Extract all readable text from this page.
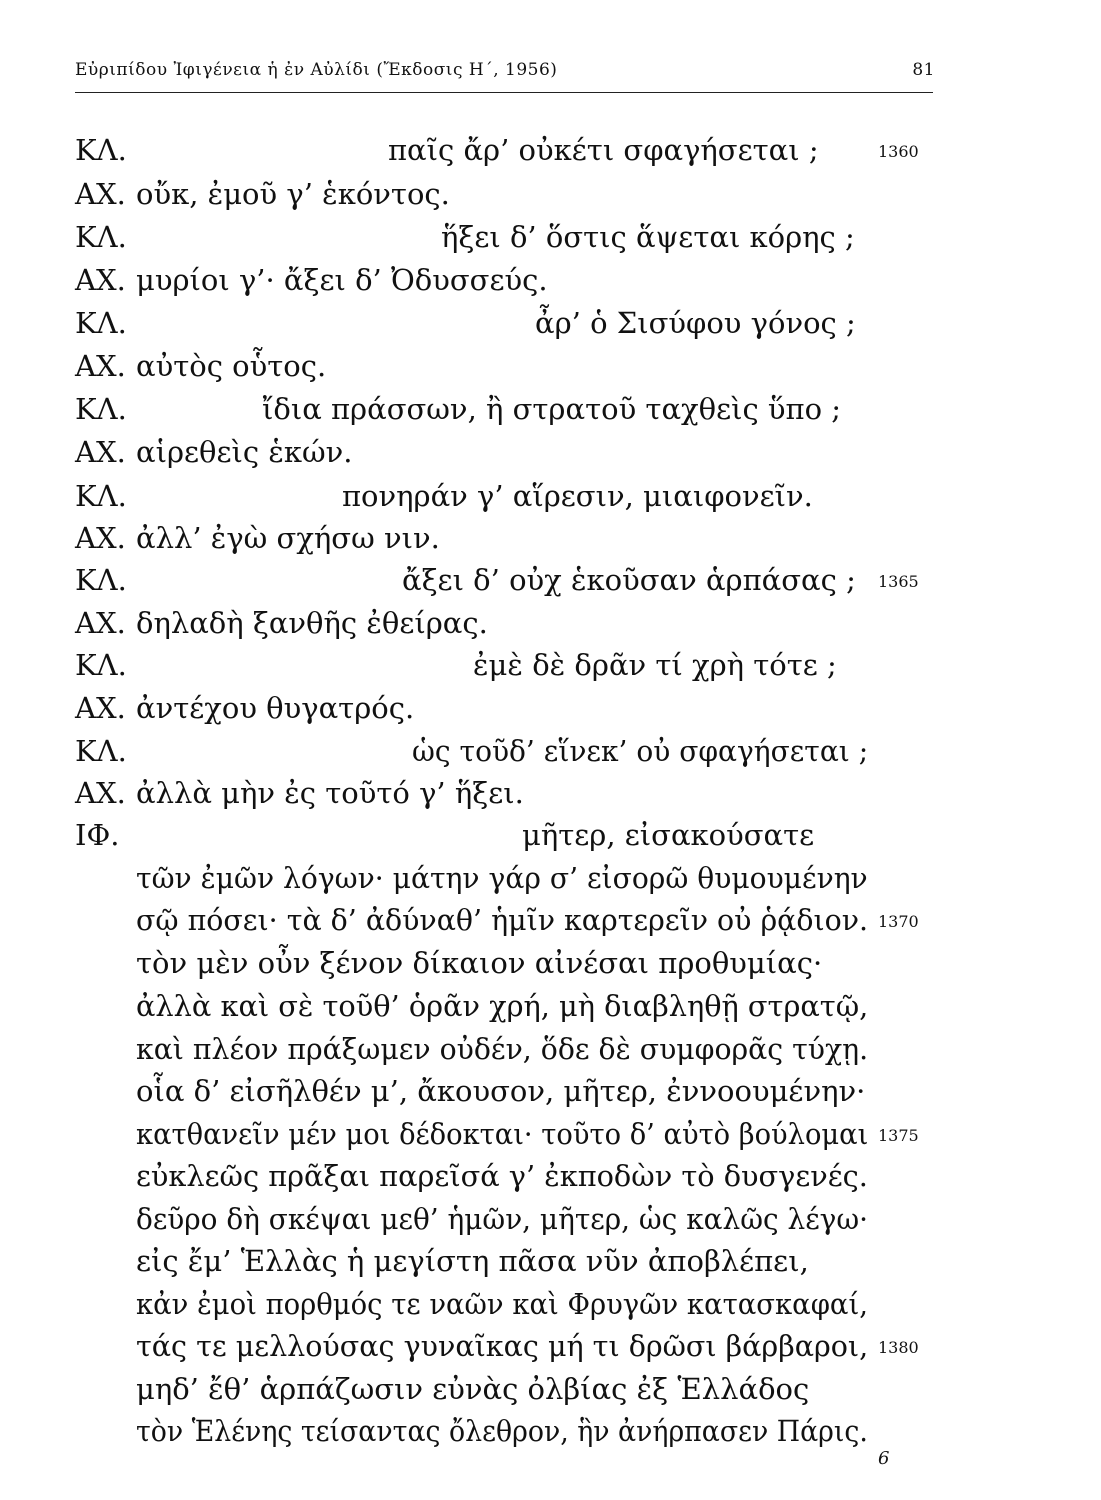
Εὐριπίδου Ἰφιγένεια ἡ ἐν Αὐλίδι (Ἔκδοσις Η΄, 1956)	81
ΚΛ.	παῖς ἄρ’ οὐκέτι σφαγήσεται ;	1360
ΑΧ. οὔκ, ἐμοῦ γ’ ἑκόντος.
ΚΛ.	ἥξει δ’ ὅστις ἅψεται κόρης ;
ΑΧ. μυρίοι γ’· ἄξει δ’ Ὀδυσσεύς.
ΚΛ.	ἆρ’ ὁ Σισύφου γόνος ;
ΑΧ. αὐτὸς οὗτος.
ΚΛ.	ἴδια πράσσων, ἢ στρατοῦ ταχθεὶς ὕπο ;
ΑΧ. αἱρεθεὶς ἑκών.
ΚΛ.	πονηράν γ’ αἵρεσιν, μιαιφονεῖν.
ΑΧ. ἀλλ’ ἐγὼ σχήσω νιν.
ΚΛ.	ἄξει δ’ οὐχ ἑκοῦσαν ἁρπάσας ; 1365
ΑΧ. δηλαδὴ ξανθῆς ἐθείρας.
ΚΛ.	ἐμὲ δὲ δρᾶν τί χρὴ τότε ;
ΑΧ. ἀντέχου θυγατρός.
ΚΛ.	ὡς τοῦδ’ εἵνεκ’ οὐ σφαγήσεται ;
ΑΧ. ἀλλὰ μὴν ἐς τοῦτό γ’ ἥξει.
ΙΦ.	μῆτερ, εἰσακούσατε
τῶν ἐμῶν λόγων· μάτην γάρ σ’ εἰσορῶ θυμουμένην
σῷ πόσει· τὰ δ’ ἀδύναθ’ ἡμῖν καρτερεῖν οὐ ῥᾴδιον. 1370
τὸν μὲν οὖν ξένον δίκαιον αἰνέσαι προθυμίας·
ἀλλὰ καὶ σὲ τοῦθ’ ὁρᾶν χρή, μὴ διαβληθῇ στρατῷ,
καὶ πλέον πράξωμεν οὐδέν, ὅδε δὲ συμφορᾶς τύχῃ.
οἷα δ’ εἰσῆλθέν μ’, ἄκουσον, μῆτερ, ἐννοουμένην·
κατθανεῖν μέν μοι δέδοκται· τοῦτο δ’ αὐτὸ βούλομαι 1375
εὐκλεῶς πρᾶξαι παρεῖσά γ’ ἐκποδὼν τὸ δυσγενές.
δεῦρο δὴ σκέψαι μεθ’ ἡμῶν, μῆτερ, ὡς καλῶς λέγω·
εἰς ἔμ’ Ἑλλὰς ἡ μεγίστη πᾶσα νῦν ἀποβλέπει,
κἀν ἐμοὶ πορθμός τε ναῶν καὶ Φρυγῶν κατασκαφαί,
τάς τε μελλούσας γυναῖκας μή τι δρῶσι βάρβαροι, 1380
μηδ’ ἔθ’ ἁρπάζωσιν εὐνὰς ὀλβίας ἐξ Ἑλλάδος
τὸν Ἑλένης τείσαντας ὄλεθρον, ἣν ἀνήρπασεν Πάρις.
6
